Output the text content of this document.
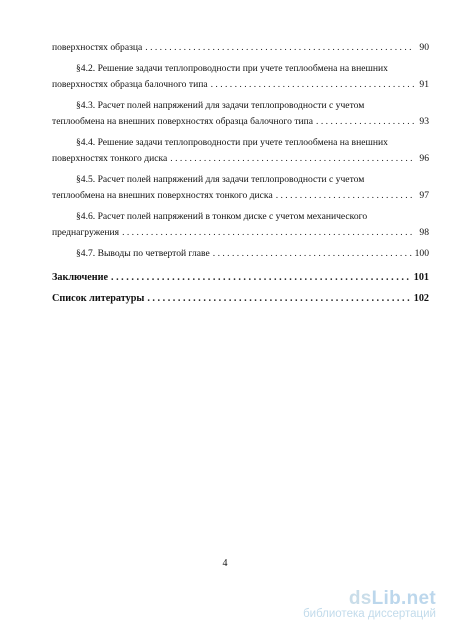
поверхностях образца . . .	90
§4.2. Решение задачи теплопроводности при учете теплообмена на внешних
поверхностях образца балочного типа . . .	91
§4.3. Расчет полей напряжений для задачи теплопроводности с учетом
теплообмена на внешних поверхностях образца балочного типа . . .	93
§4.4. Решение задачи теплопроводности при учете теплообмена на внешних
поверхностях тонкого диска . . .	96
§4.5. Расчет полей напряжений для задачи теплопроводности с учетом
теплообмена на внешних поверхностях тонкого диска . . .	97
§4.6. Расчет полей напряжений в тонком диске с учетом механического
преднагружения . . .	98
§4.7. Выводы по четвертой главе . . .	100
Заключение . . .	101
Список литературы . . .	102
4
dsLib.net
библиотека диссертаций
